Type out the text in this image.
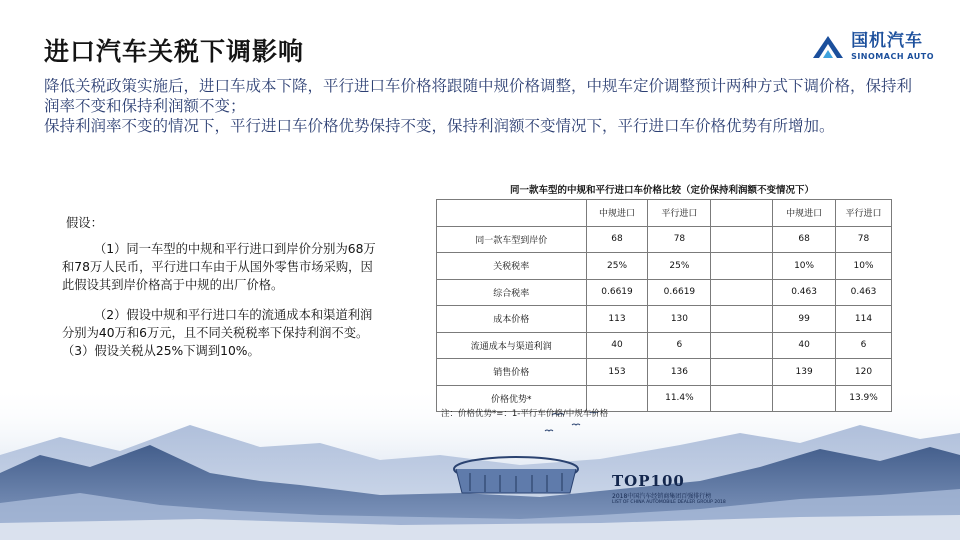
进口汽车关税下调影响	国机汽车
SINOMACH AUTO

降低关税政策实施后，进口车成本下降，平行进口车价格将跟随中规价格调整，中规车定价调整预计两种方式下调价格，保持利润率不变和保持利润额不变；

保持利润率不变的情况下，平行进口车价格优势保持不变，保持利润额不变情况下，平行进口车价格优势有所增加。

假设：

（1）同一车型的中规和平行进口到岸价分别为68万和78万人民币，平行进口车由于从国外零售市场采购，因此假设其到岸价格高于中规的出厂价格。

（2）假设中规和平行进口车的流通成本和渠道利润分别为40万和6万元，且不同关税税率下保持利润不变。（3）假设关税从25%下调到10%。

同一款车型的中规和平行进口车价格比较（定价保持利润额不变情况下）
	中规进口	平行进口		中规进口	平行进口
同一款车型到岸价	68	78		68	78
关税税率	25%	25%		10%	10%
综合税率	0.6619	0.6619		0.463	0.463
成本价格	113	130		99	114
流通成本与渠道利润	40	6		40	6
销售价格	153	136		139	120
价格优势*		11.4%			13.9%
注：价格优势*=：1-平行车价格/中规车价格
TOP100
2018中国汽车经销商集团百强排行榜
LIST OF CHINA AUTOMOBILE DEALER GROUP 2018
